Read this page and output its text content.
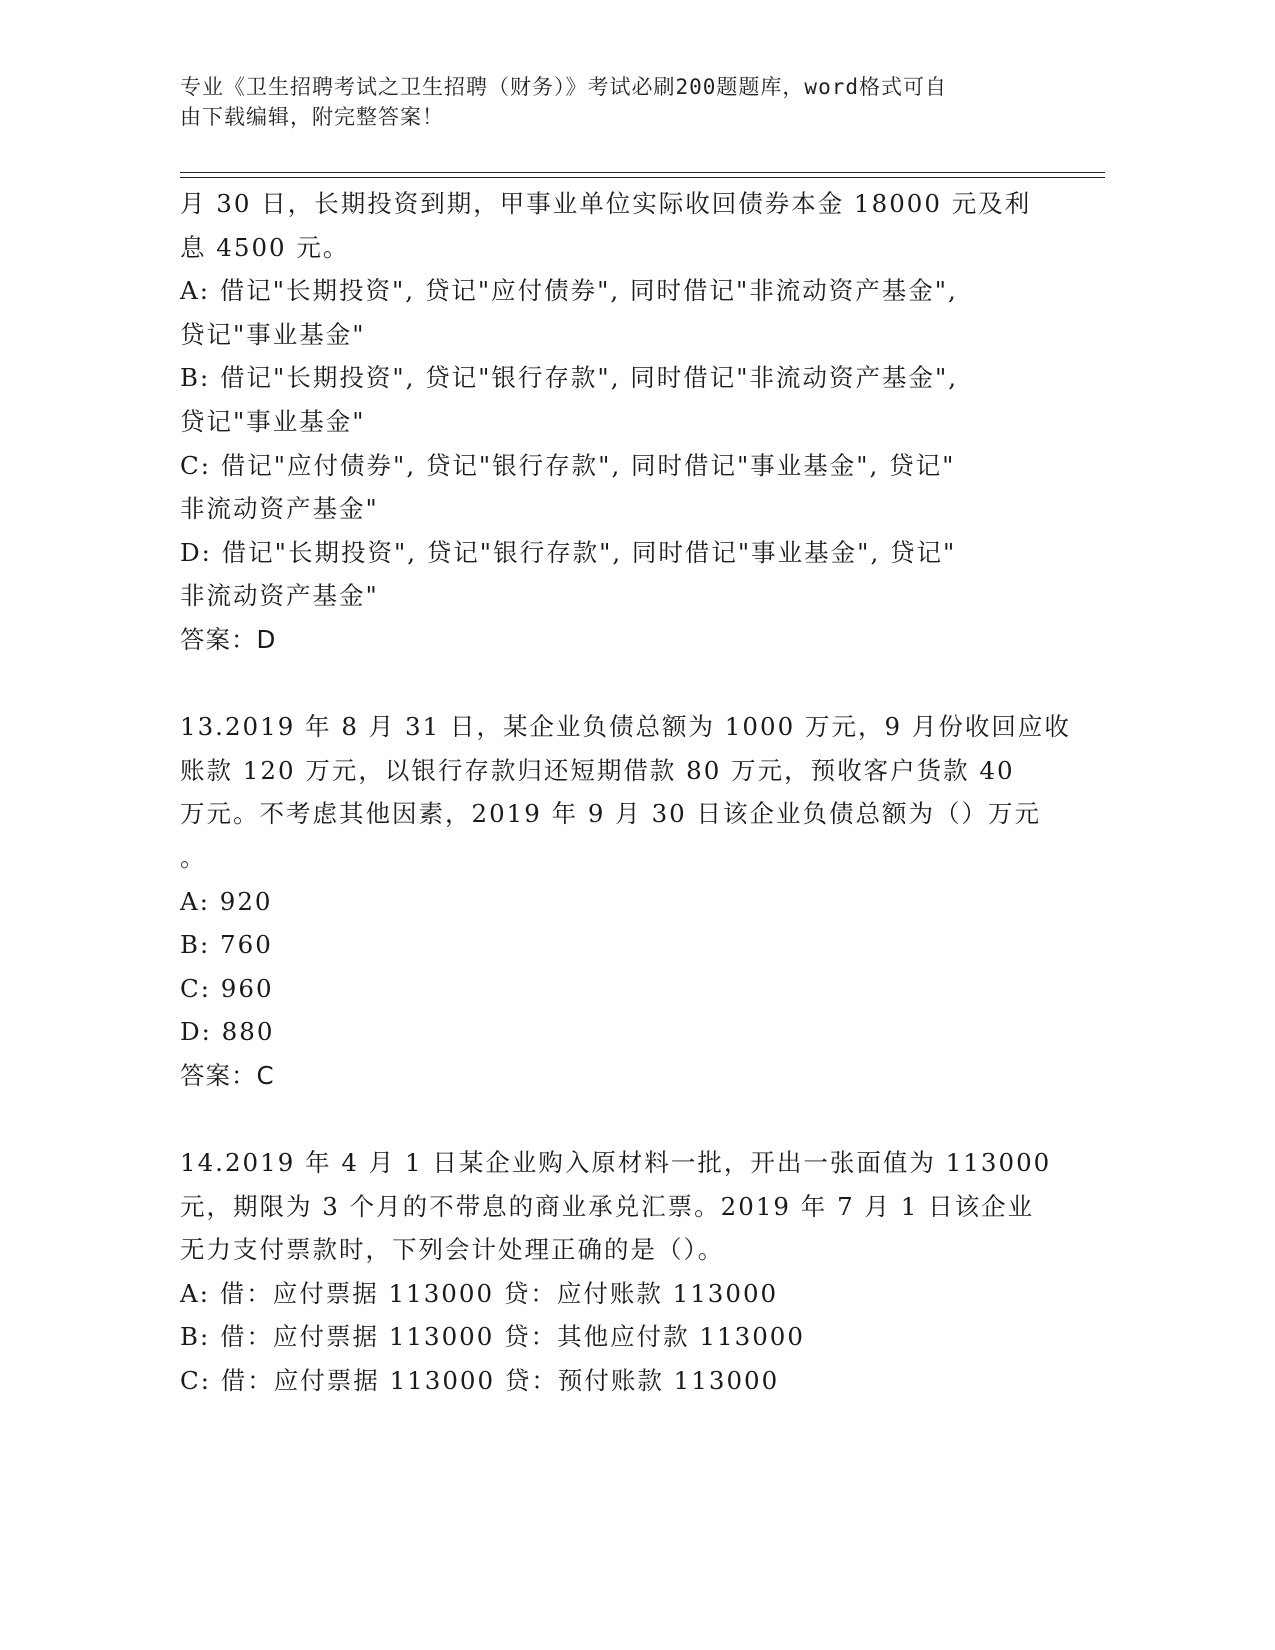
专业《卫生招聘考试之卫生招聘（财务）》考试必刷200题题库，word格式可自
由下载编辑，附完整答案！
月 30 日，长期投资到期，甲事业单位实际收回债券本金 18000 元及利
息 4500 元。
A: 借记"长期投资", 贷记"应付债券", 同时借记"非流动资产基金",
贷记"事业基金"
B: 借记"长期投资", 贷记"银行存款", 同时借记"非流动资产基金",
贷记"事业基金"
C: 借记"应付债券", 贷记"银行存款", 同时借记"事业基金", 贷记"
非流动资产基金"
D: 借记"长期投资", 贷记"银行存款", 同时借记"事业基金", 贷记"
非流动资产基金"
答案：D
13.2019 年 8 月 31 日，某企业负债总额为 1000 万元，9 月份收回应收
账款 120 万元，以银行存款归还短期借款 80 万元，预收客户货款 40
万元。不考虑其他因素，2019 年 9 月 30 日该企业负债总额为（）万元
。
A: 920
B: 760
C: 960
D: 880
答案：C
14.2019 年 4 月 1 日某企业购入原材料一批，开出一张面值为 113000
元，期限为 3 个月的不带息的商业承兑汇票。2019 年 7 月 1 日该企业
无力支付票款时，下列会计处理正确的是（）。
A: 借：应付票据 113000 贷：应付账款 113000
B: 借：应付票据 113000 贷：其他应付款 113000
C: 借：应付票据 113000 贷：预付账款 113000
